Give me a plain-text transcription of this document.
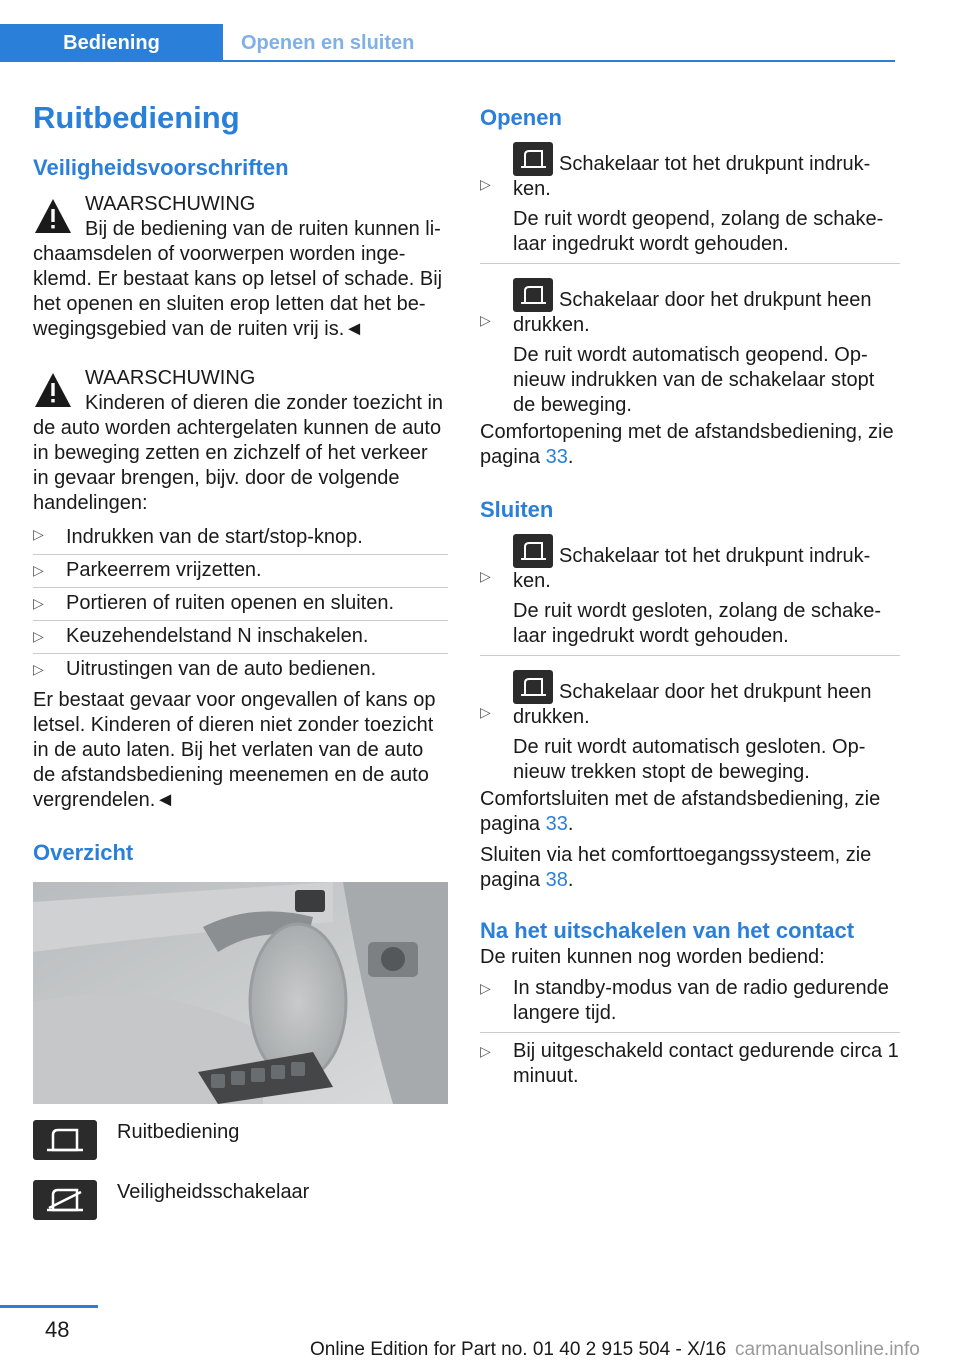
Bediening	Openen en sluiten
Ruitbediening
Veiligheidsvoorschriften

WAARSCHUWING

Bij de bediening van de ruiten kunnen lichaamsdelen of voorwerpen worden ingeklemd. Er bestaat kans op letsel of schade. Bij het openen en sluiten erop letten dat het bewegingsgebied van de ruiten vrij is.◄

WAARSCHUWING

Kinderen of dieren die zonder toezicht in de auto worden achtergelaten kunnen de auto in beweging zetten en zichzelf of het verkeer in gevaar brengen, bijv. door de volgende handelingen:

▷ Indrukken van de start/stop-knop.
▷ Parkeerrem vrijzetten.
▷ Portieren of ruiten openen en sluiten.
▷ Keuzehendelstand N inschakelen.
▷ Uitrustingen van de auto bedienen.

Er bestaat gevaar voor ongevallen of kans op letsel. Kinderen of dieren niet zonder toezicht in de auto laten. Bij het verlaten van de auto de afstandsbediening meenemen en de auto vergrendelen.◄

Overzicht

Ruitbediening

Veiligheidsschakelaar

Openen
▷

Schakelaar tot het drukpunt indrukken.

De ruit wordt geopend, zolang de schakelaar ingedrukt wordt gehouden.

▷

Schakelaar door het drukpunt heen drukken.

De ruit wordt automatisch geopend. Opnieuw indrukken van de schakelaar stopt de beweging.

Comfortopening met de afstandsbediening, zie pagina 33.

Sluiten
▷

Schakelaar tot het drukpunt indrukken.

De ruit wordt gesloten, zolang de schakelaar ingedrukt wordt gehouden.

▷

Schakelaar door het drukpunt heen drukken.

De ruit wordt automatisch gesloten. Opnieuw trekken stopt de beweging.

Comfortsluiten met de afstandsbediening, zie pagina 33.

Sluiten via het comforttoegangssysteem, zie pagina 38.

Na het uitschakelen van het contact

De ruiten kunnen nog worden bediend:

▷ In standby-modus van de radio gedurende langere tijd.
▷ Bij uitgeschakeld contact gedurende circa 1 minuut.
48
Online Edition for Part no. 01 40 2 915 504 - X/16 carmanualsonline.info
